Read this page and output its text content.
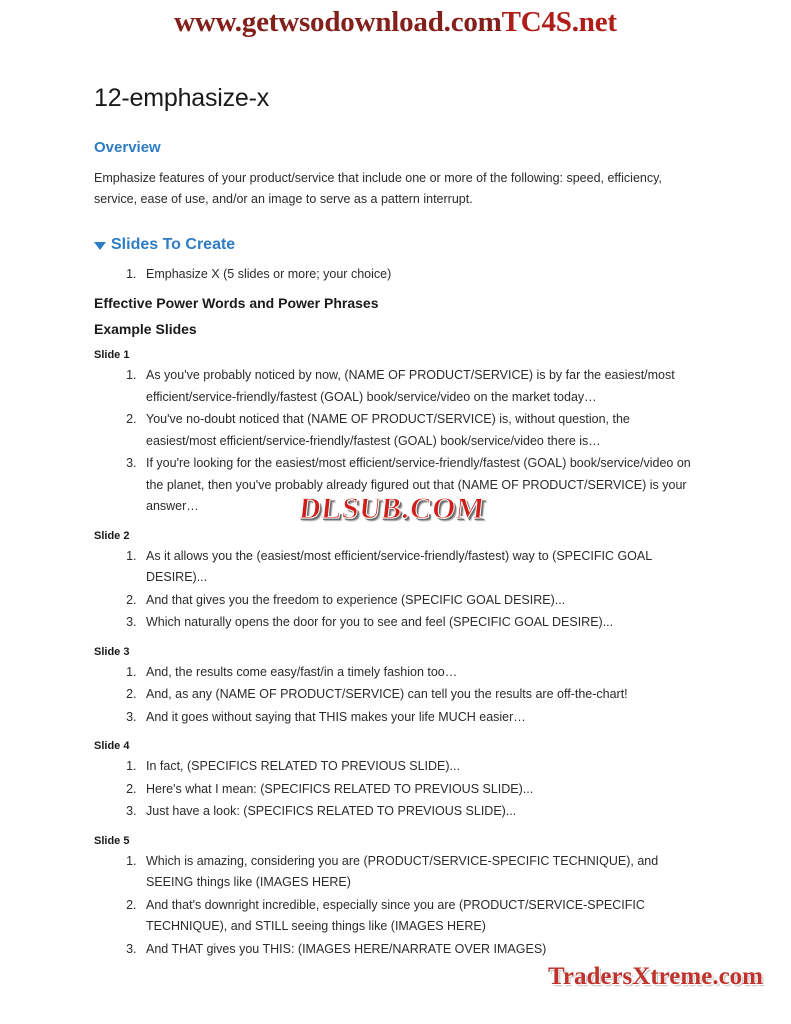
www.getwsodownload.comTC4S.net
12-emphasize-x
Overview

Emphasize features of your product/service that include one or more of the following: speed, efficiency, service, ease of use, and/or an image to serve as a pattern interrupt.

Slides To Create
1. Emphasize X (5 slides or more; your choice)
Effective Power Words and Power Phrases
Example Slides
Slide 1
1. As you've probably noticed by now, (NAME OF PRODUCT/SERVICE) is by far the easiest/most efficient/service-friendly/fastest (GOAL) book/service/video on the market today…
2. You've no-doubt noticed that (NAME OF PRODUCT/SERVICE) is, without question, the easiest/most efficient/service-friendly/fastest (GOAL) book/service/video there is…
3. If you're looking for the easiest/most efficient/service-friendly/fastest (GOAL) book/service/video on the planet, then you've probably already figured out that (NAME OF PRODUCT/SERVICE) is your answer…
Slide 2
1. As it allows you the (easiest/most efficient/service-friendly/fastest) way to (SPECIFIC GOAL DESIRE)...
2. And that gives you the freedom to experience (SPECIFIC GOAL DESIRE)...
3. Which naturally opens the door for you to see and feel (SPECIFIC GOAL DESIRE)...
Slide 3
1. And, the results come easy/fast/in a timely fashion too…
2. And, as any (NAME OF PRODUCT/SERVICE) can tell you the results are off-the-chart!
3. And it goes without saying that THIS makes your life MUCH easier…
Slide 4
1. In fact, (SPECIFICS RELATED TO PREVIOUS SLIDE)...
2. Here's what I mean: (SPECIFICS RELATED TO PREVIOUS SLIDE)...
3. Just have a look: (SPECIFICS RELATED TO PREVIOUS SLIDE)...
Slide 5
1. Which is amazing, considering you are (PRODUCT/SERVICE-SPECIFIC TECHNIQUE), and SEEING things like (IMAGES HERE)
2. And that's downright incredible, especially since you are (PRODUCT/SERVICE-SPECIFIC TECHNIQUE), and STILL seeing things like (IMAGES HERE)
3. And THAT gives you THIS: (IMAGES HERE/NARRATE OVER IMAGES)
DLSUB.COM
TradersXtreme.com
